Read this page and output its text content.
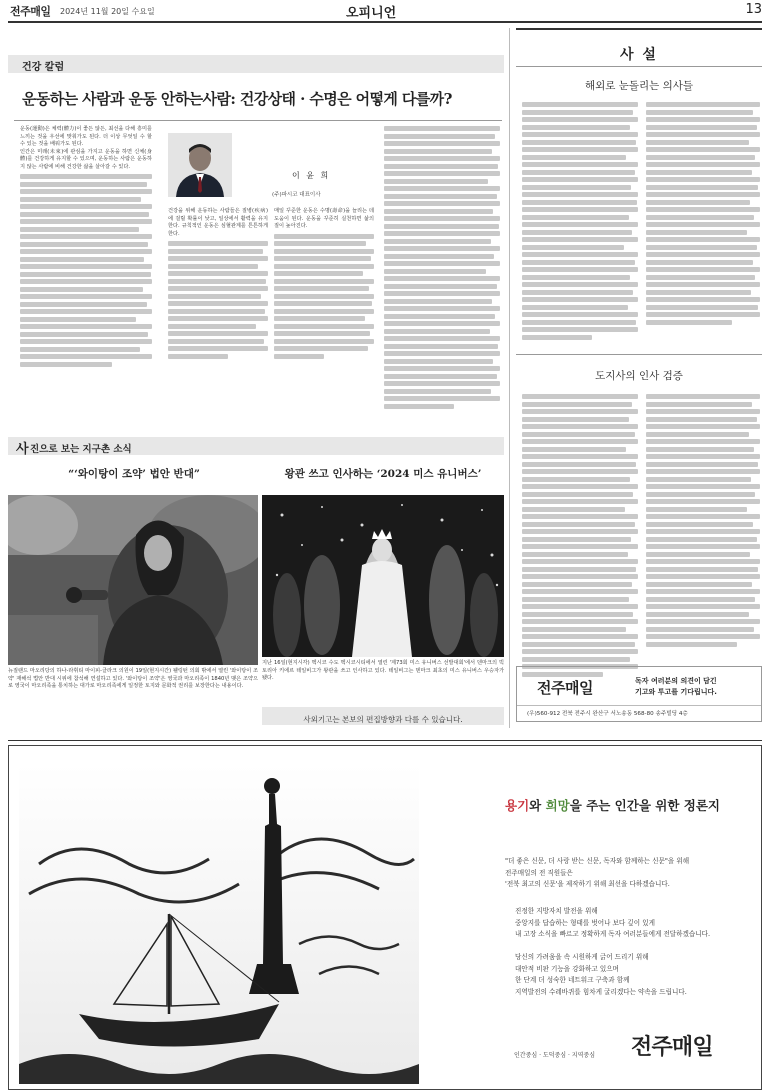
전주매일 2024년 11월 20일 수요일	오피니언	13
건강 칼럼
운동하는 사람과 운동 안하는사람: 건강상태 · 수명은 어떻게 다를까?
운동(運動)은 체력(體力)이 좋든 않든, 최선을 다해 흥미를 느끼는 것을 우선에 맞춰가도 된다. 더 이상 무엇일 수 할 수 있는 것을 배워가도 된다.
인간은 미래(未來)에 관심을 가지고 운동을 하면 신체(身體)를 건강하게 유지할 수 있으며, 운동하는 사람은 운동하지 않는 사람에 비해 건강한 삶을 살아갈 수 있다.
이 윤 희
(주)파시코 대표이사
건강을 위해 운동하는 사람들은 질병(疾病)에 걸릴 확률이 낮고, 일상에서 활력을 유지한다. 규칙적인 운동은 심혈관계를 튼튼하게 한다.
매일 꾸준한 운동은 수명(壽命)을 늘리는 데 도움이 된다. 운동을 꾸준히 실천하면 삶의 질이 높아진다.
사 진으로 보는 지구촌 소식
“‘와이탕이 조약’ 법안 반대”	왕관 쓰고 인사하는 ‘2024 미스 유니버스’
뉴질랜드 마오리당의 하나-라휘티 마이피-클라크 의원이 19일(현지시간) 웰링턴 의회 밖에서 열린 '와이탕이 조약' 재해석 법안 반대 시위에 참석해 연설하고 있다. '와이탕이 조약'은 영국과 마오리족이 1840년 맺은 조약으로 영국이 마오리족을 통치하는 대가로 마오리족에게 일정한 토지와 문화적 권리를 보장한다는 내용이다.
지난 16일(현지시각) 멕시코 수도 멕시코시티에서 열린 '제73회 미스 유니버스 선발대회'에서 덴마크의 빅토리아 키에르 테일비그가 왕관을 쓰고 인사하고 있다. 테일비그는 덴마크 최초의 미스 유니버스 우승자가 됐다.
사외기고는 본보의 편집방향과 다를 수 있습니다.
사 설
해외로 눈돌리는 의사들
도지사의 인사 검증
전주매일	독자 여러분의 의견이 담긴
기고와 투고를 기다립니다.
(우)560-912 전북 전주시 완산구 서노송동 568-80 송주빌딩 4층
용기와 희망을 주는 인간을 위한 정론지
"더 좋은 신문, 더 사랑 받는 신문, 독자와 함께하는 신문"을 위해
전주매일의 전 직원들은
'전북 최고의 신문'을 제작하기 위해 최선을 다하겠습니다.
진정한 지방자치 발전을 위해
중앙지를 답습하는 형태를 벗어나 보다 깊이 있게
내 고장 소식을 빠르고 정확하게 독자 여러분들에게 전달하겠습니다.
당신의 가려움을 속 시원하게 긁어 드리기 위해
대안적 비판 기능을 강화하고 있으며
한 단계 더 성숙한 네트워크 구축과 함께
지역발전의 수레바퀴를 힘차게 굴리겠다는 약속을 드립니다.
인간중심 · 도덕중심 · 지역중심 전주매일
